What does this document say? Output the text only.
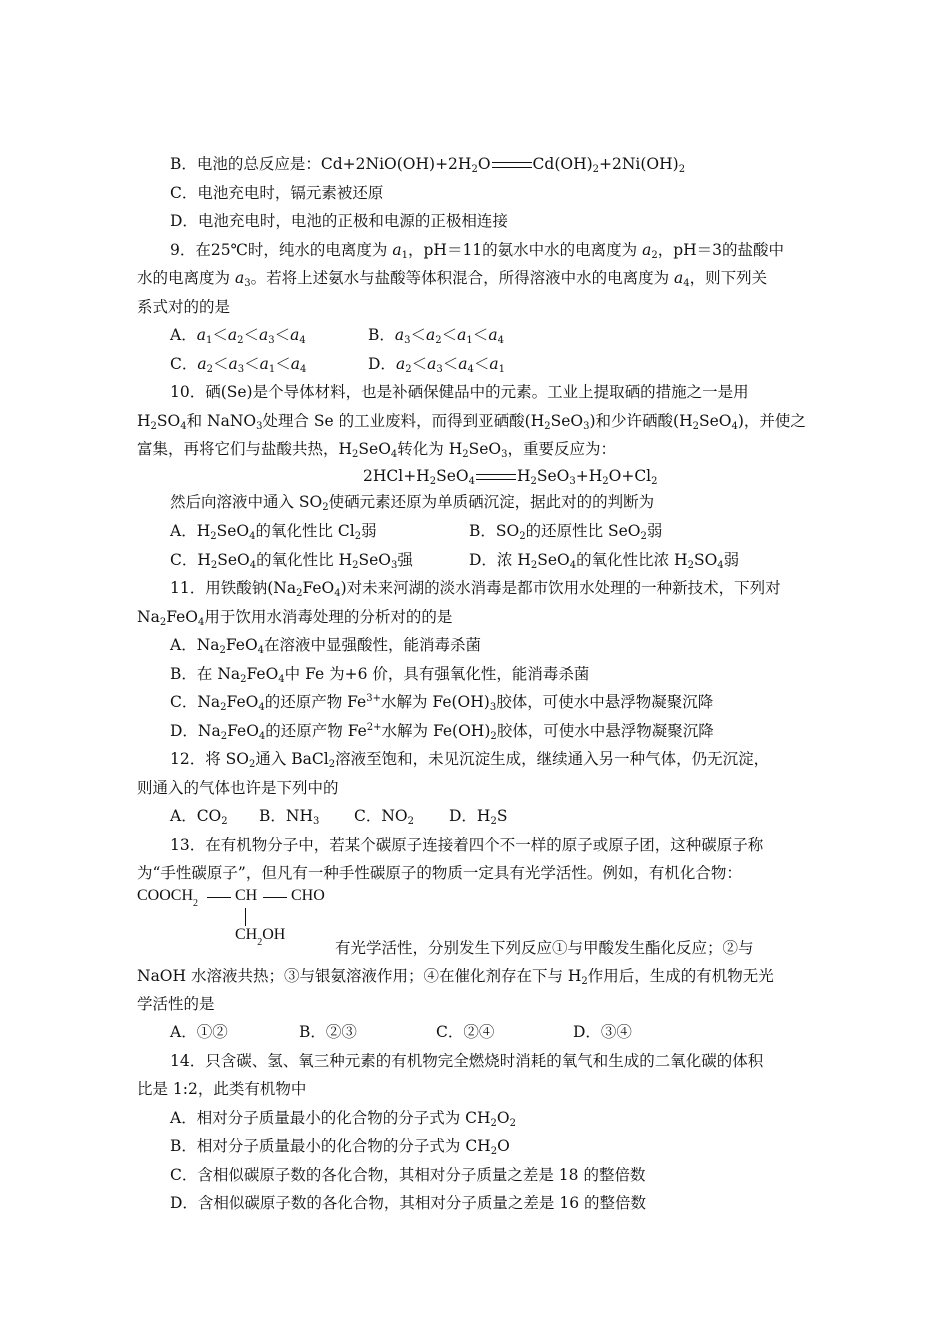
B．电池的总反应是：$Cd+2NiO(OH)+2H_2O$	$Cd(OH)_2+2Ni(OH)_2$
C．电池充电时，镉元素被还原
D．电池充电时，电池的正极和电源的正极相连接
9．在25℃时，纯水的电离度为 $a_1$，pH＝11的氨水中水的电离度为 $a_2$，pH＝3的盐酸中
水的电离度为 $a_3$。若将上述氨水与盐酸等体积混合，所得溶液中水的电离度为 $a_4$，则下列关
系式对的的是
A．$a_1<a_2<a_3<a_4$	B．$a_3<a_2<a_1<a_4$
C．$a_2<a_3<a_1<a_4$	D．$a_2<a_3<a_4<a_1$
10．硒(Se)是个导体材料，也是补硒保健品中的元素。工业上提取硒的措施之一是用
$H_2SO_4$和 NaNO$_3$处理合 Se 的工业废料，而得到亚硒酸$(H_2SeO_3)$和少许硒酸$(H_2SeO_4)$，并使之
富集，再将它们与盐酸共热，$H_2SeO_4$转化为 $H_2SeO_3$，重要反应为：
$2HCl+H_2SeO_4$	$H_2SeO_3+H_2O+Cl_2$
然后向溶液中通入 $SO_2$使硒元素还原为单质硒沉淀，据此对的的判断为
A．$H_2SeO_4$的氧化性比 $Cl_2$弱	B．$SO_2$的还原性比 SeO$_2$弱
C．$H_2SeO_4$的氧化性比 $H_2SeO_3$强	D．浓 $H_2SeO_4$的氧化性比浓 $H_2SO_4$弱
11．用铁酸钠$(Na_2FeO_4)$对未来河湖的淡水消毒是都市饮用水处理的一种新技术，下列对
$Na_2FeO_4$用于饮用水消毒处理的分析对的的是
A．$Na_2FeO_4$在溶液中显强酸性，能消毒杀菌
B．在 $Na_2FeO_4$中 Fe 为+6 价，具有强氧化性，能消毒杀菌
C．$Na_2FeO_4$的还原产物 $Fe^{3+}$水解为 $Fe(OH)_3$胶体，可使水中悬浮物凝聚沉降
D．$Na_2FeO_4$的还原产物 $Fe^{2+}$水解为 $Fe(OH)_2$胶体，可使水中悬浮物凝聚沉降
12．将 $SO_2$通入 BaCl$_2$溶液至饱和，未见沉淀生成，继续通入另一种气体，仍无沉淀，
则通入的气体也许是下列中的
A．$CO_2$ B．$NH_3$ C．$NO_2$ D．$H_2S$
13．在有机物分子中，若某个碳原子连接着四个不一样的原子或原子团，这种碳原子称
为“手性碳原子”，但凡有一种手性碳原子的物质一定具有光学活性。例如，有机化合物：
$COOCH_2$ CH CHO
$CH_2OH$
有光学活性，分别发生下列反应①与甲酸发生酯化反应；②与
NaOH 水溶液共热；③与银氨溶液作用；④在催化剂存在下与 $H_2$作用后，生成的有机物无光
学活性的是
A．①②	B．②③	C．②④	D．③④
14．只含碳、氢、氧三种元素的有机物完全燃烧时消耗的氧气和生成的二氧化碳的体积
比是 1:2，此类有机物中
A．相对分子质量最小的化合物的分子式为 $CH_2O_2$
B．相对分子质量最小的化合物的分子式为 $CH_2O$
C．含相似碳原子数的各化合物，其相对分子质量之差是 18 的整倍数
D．含相似碳原子数的各化合物，其相对分子质量之差是 16 的整倍数
